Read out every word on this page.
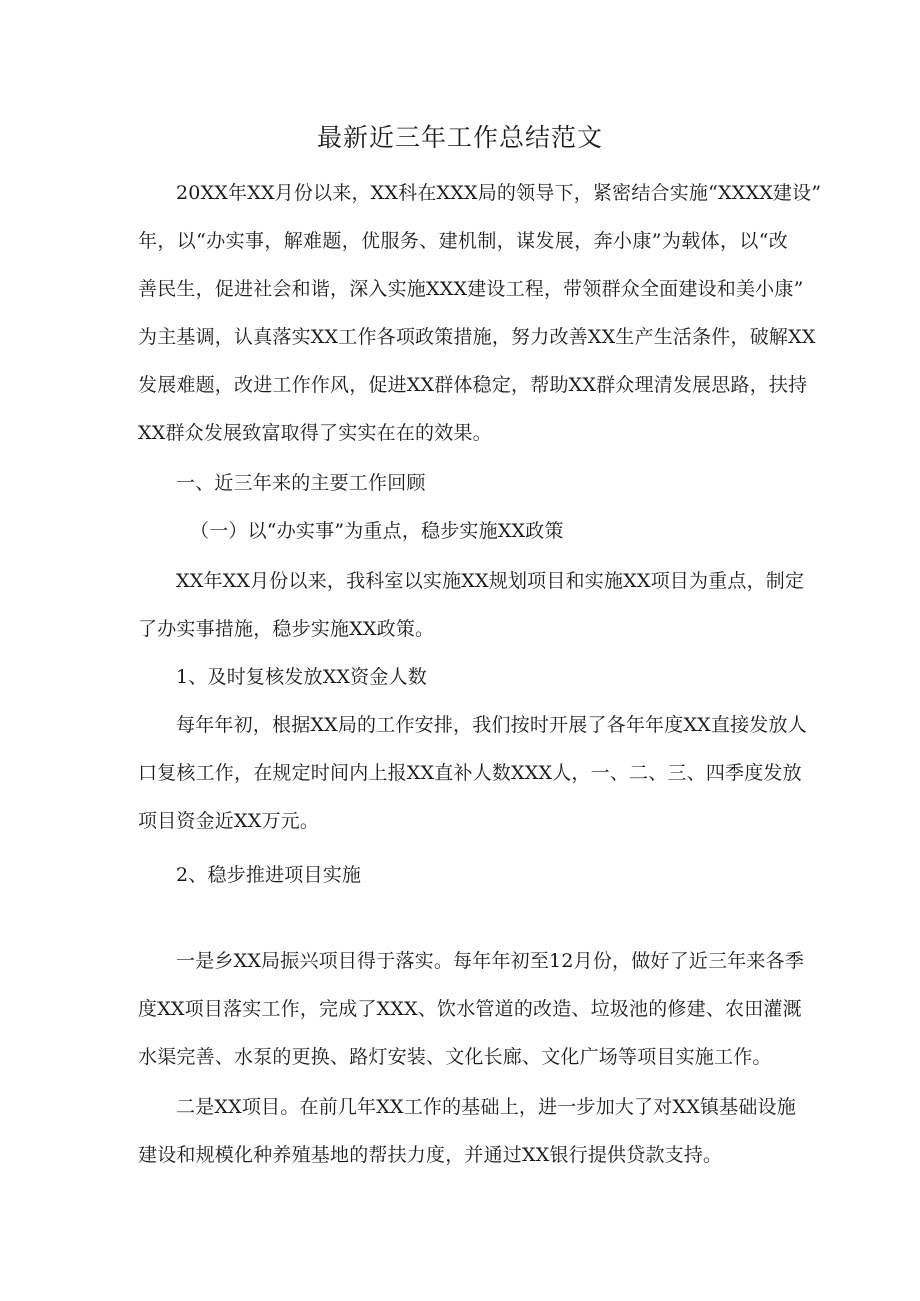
最新近三年工作总结范文
20XX年XX月份以来，XX科在XXX局的领导下，紧密结合实施“XXXX建设”
年，以“办实事，解难题，优服务、建机制，谋发展，奔小康”为载体，以“改
善民生，促进社会和谐，深入实施XXX建设工程，带领群众全面建设和美小康”
为主基调，认真落实XX工作各项政策措施，努力改善XX生产生活条件，破解XX
发展难题，改进工作作风，促进XX群体稳定，帮助XX群众理清发展思路，扶持
XX群众发展致富取得了实实在在的效果。
一、近三年来的主要工作回顾
（一）以“办实事”为重点，稳步实施XX政策
XX年XX月份以来，我科室以实施XX规划项目和实施XX项目为重点，制定
了办实事措施，稳步实施XX政策。
1、及时复核发放XX资金人数
每年年初，根据XX局的工作安排，我们按时开展了各年年度XX直接发放人
口复核工作，在规定时间内上报XX直补人数XXX人，一、二、三、四季度发放
项目资金近XX万元。
2、稳步推进项目实施
一是乡XX局振兴项目得于落实。每年年初至12月份，做好了近三年来各季
度XX项目落实工作，完成了XXX、饮水管道的改造、垃圾池的修建、农田灌溉
水渠完善、水泵的更换、路灯安装、文化长廊、文化广场等项目实施工作。
二是XX项目。在前几年XX工作的基础上，进一步加大了对XX镇基础设施
建设和规模化种养殖基地的帮扶力度，并通过XX银行提供贷款支持。
